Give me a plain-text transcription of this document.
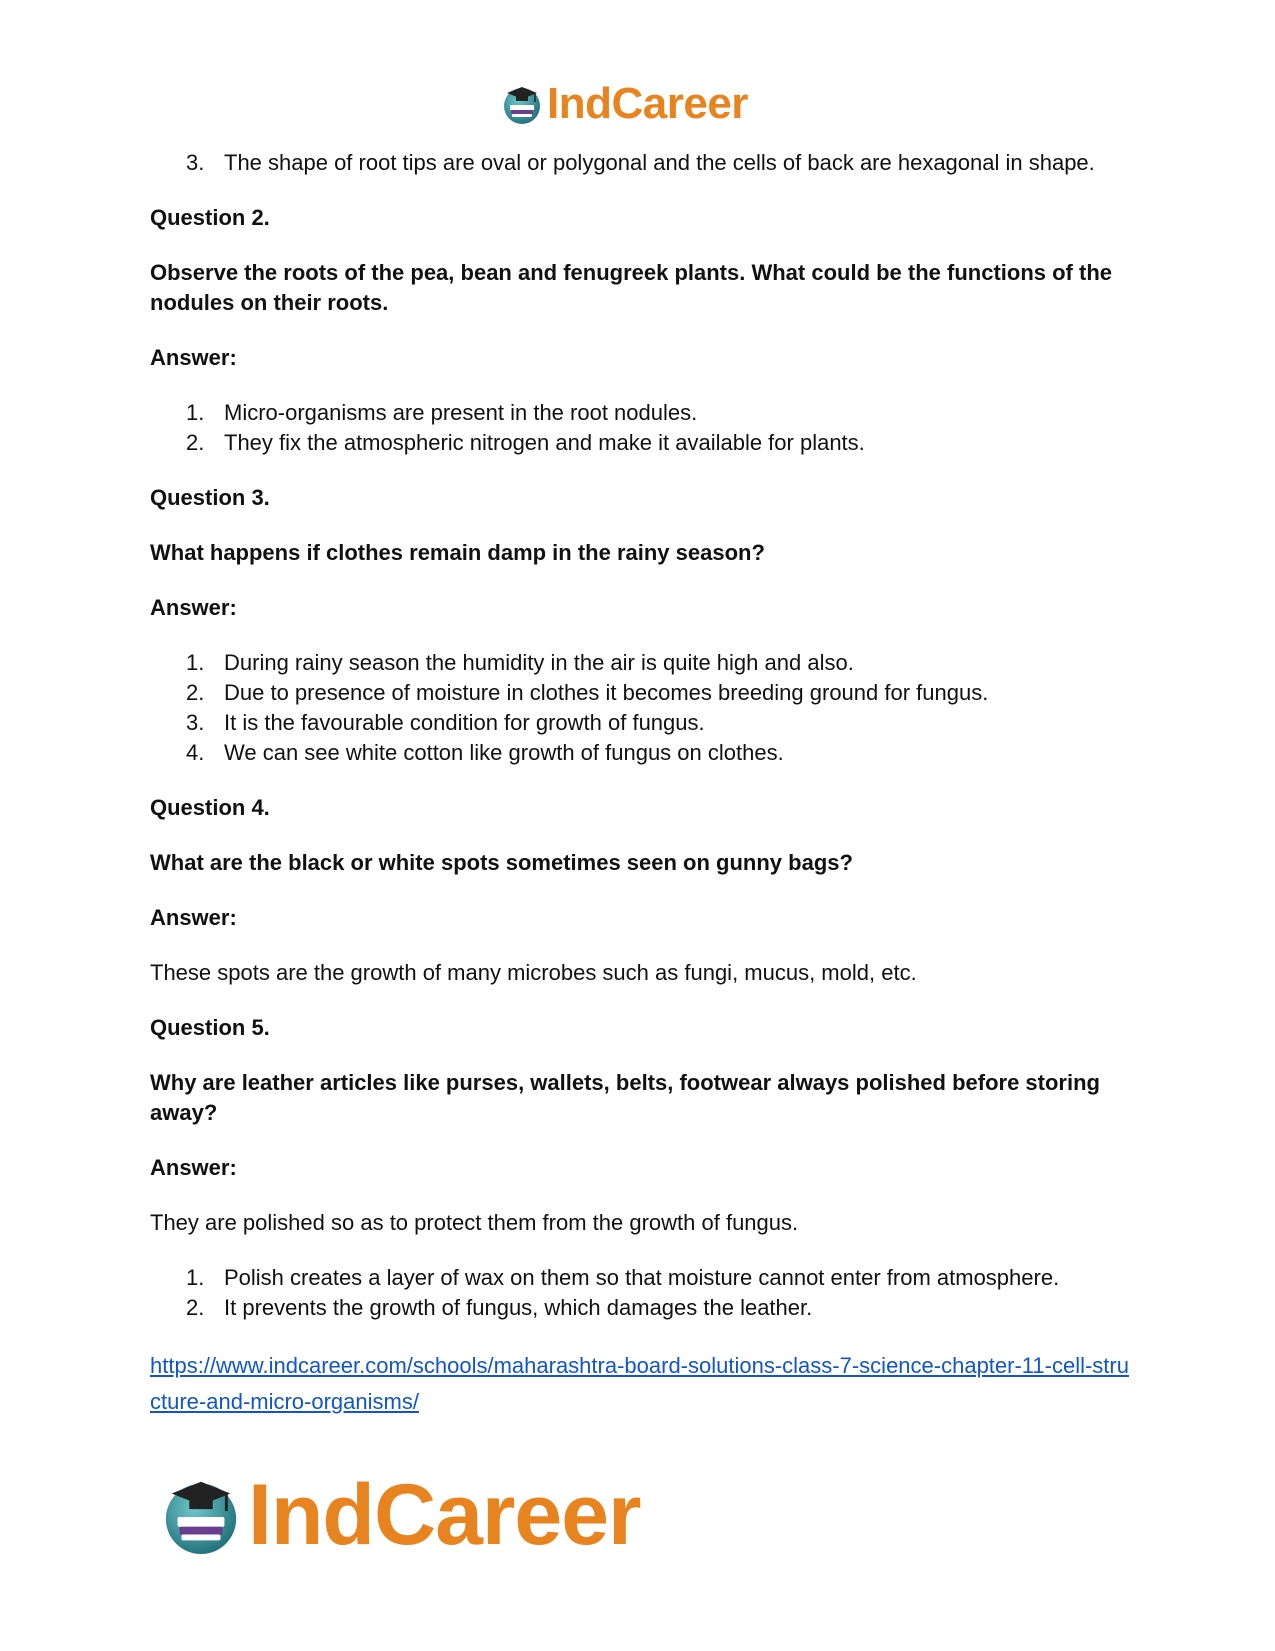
IndCareer
3. The shape of root tips are oval or polygonal and the cells of back are hexagonal in shape.
Question 2.
Observe the roots of the pea, bean and fenugreek plants. What could be the functions of the nodules on their roots.
Answer:
1. Micro-organisms are present in the root nodules.
2. They fix the atmospheric nitrogen and make it available for plants.
Question 3.
What happens if clothes remain damp in the rainy season?
Answer:
1. During rainy season the humidity in the air is quite high and also.
2. Due to presence of moisture in clothes it becomes breeding ground for fungus.
3. It is the favourable condition for growth of fungus.
4. We can see white cotton like growth of fungus on clothes.
Question 4.
What are the black or white spots sometimes seen on gunny bags?
Answer:
These spots are the growth of many microbes such as fungi, mucus, mold, etc.
Question 5.
Why are leather articles like purses, wallets, belts, footwear always polished before storing away?
Answer:
They are polished so as to protect them from the growth of fungus.
1. Polish creates a layer of wax on them so that moisture cannot enter from atmosphere.
2. It prevents the growth of fungus, which damages the leather.
https://www.indcareer.com/schools/maharashtra-board-solutions-class-7-science-chapter-11-cell-structure-and-micro-organisms/
IndCareer
